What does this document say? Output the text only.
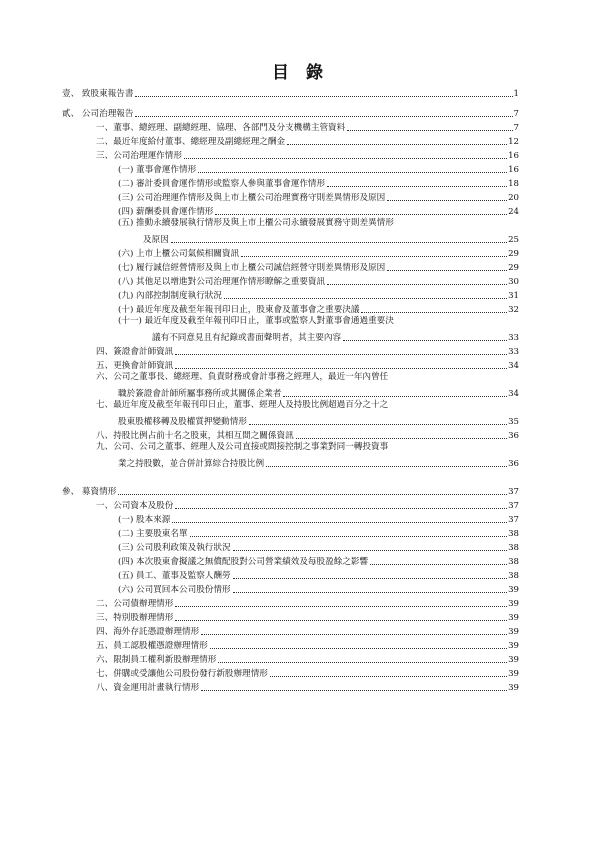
目　錄
壹、 致股東報告書	1
貳、 公司治理報告	7
一、董事、總經理、副總經理、協理、各部門及分支機構主管資料	7
二、最近年度給付董事、總經理及副總經理之酬金	12
三、公司治理運作情形	16
(一) 董事會運作情形	16
(二) 審計委員會運作情形或監察人參與董事會運作情形	18
(三) 公司治理運作情形及與上市上櫃公司治理實務守則差異情形及原因	20
(四) 薪酬委員會運作情形	24
(五) 推動永續發展執行情形及與上市上櫃公司永續發展實務守則差異情形
及原因	25
(六) 上市上櫃公司氣候相關資訊	29
(七) 履行誠信經營情形及與上市上櫃公司誠信經營守則差異情形及原因	29
(八) 其他足以增進對公司治理運作情形瞭解之重要資訊	30
(九) 內部控制制度執行狀況	31
(十) 最近年度及截至年報刊印日止，股東會及董事會之重要決議	32
(十一) 最近年度及截至年報刊印日止，董事或監察人對董事會通過重要決
議有不同意見且有紀錄或書面聲明者，其主要內容	33
四、簽證會計師資訊	33
五、更換會計師資訊	34
六、公司之董事長、總經理、負責財務或會計事務之經理人，最近一年內曾任
職於簽證會計師所屬事務所或其關係企業者	34
七、最近年度及截至年報刊印日止，董事、經理人及持股比例超過百分之十之
股東股權移轉及股權質押變動情形	35
八、持股比例占前十名之股東，其相互間之關係資訊	36
九、公司、公司之董事、經理人及公司直接或間接控制之事業對同一轉投資事
業之持股數，並合併計算綜合持股比例	36
參、 募資情形	37
一、公司資本及股份	37
(一) 股本來源	37
(二) 主要股東名單	38
(三) 公司股利政策及執行狀況	38
(四) 本次股東會擬議之無償配股對公司營業績效及每股盈餘之影響	38
(五) 員工、董事及監察人酬勞	38
(六) 公司買回本公司股份情形	39
二、公司債辦理情形	39
三、特別股辦理情形	39
四、海外存託憑證辦理情形	39
五、員工認股權憑證辦理情形	39
六、限制員工權利新股辦理情形	39
七、併購或受讓他公司股份發行新股辦理情形	39
八、資金運用計畫執行情形	39
